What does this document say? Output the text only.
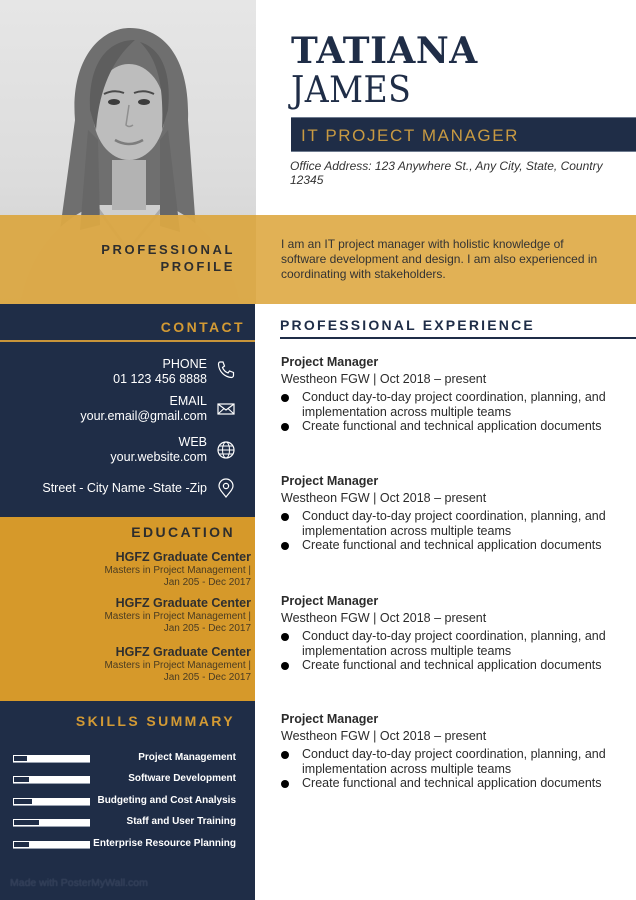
TATIANA
JAMES
IT PROJECT MANAGER
Office Address: 123 Anywhere St., Any City, State, Country 12345
PROFESSIONAL
PROFILE
I am an IT project manager with holistic knowledge of software development and design. I am also experienced in coordinating with stakeholders.
CONTACT
PHONE
01 123 456 8888
EMAIL
your.email@gmail.com
WEB
your.website.com
Street - City Name -State -Zip
EDUCATION
HGFZ Graduate Center
Masters in Project Management |
Jan 205 - Dec 2017
HGFZ Graduate Center
Masters in Project Management |
Jan 205 - Dec 2017
HGFZ Graduate Center
Masters in Project Management |
Jan 205 - Dec 2017
SKILLS SUMMARY
Project Management
Software Development
Budgeting and Cost Analysis
Staff and User Training
Enterprise Resource Planning
Made with PosterMyWall.com
PROFESSIONAL EXPERIENCE
Project Manager
Westheon FGW | Oct 2018 – present
Conduct day-to-day project coordination, planning, and implementation across multiple teams
Create functional and technical application documents
Project Manager
Westheon FGW | Oct 2018 – present
Conduct day-to-day project coordination, planning, and implementation across multiple teams
Create functional and technical application documents
Project Manager
Westheon FGW | Oct 2018 – present
Conduct day-to-day project coordination, planning, and implementation across multiple teams
Create functional and technical application documents
Project Manager
Westheon FGW | Oct 2018 – present
Conduct day-to-day project coordination, planning, and implementation across multiple teams
Create functional and technical application documents
